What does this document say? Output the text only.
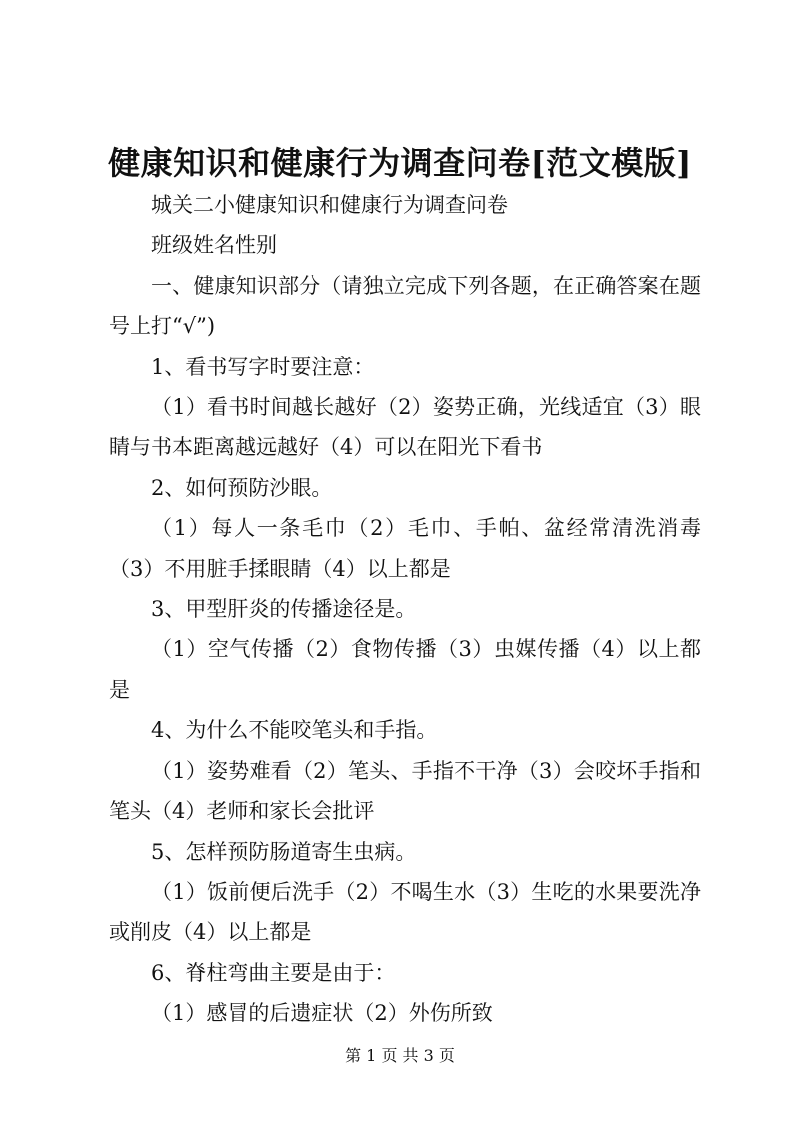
健康知识和健康行为调查问卷[范文模版]

城关二小健康知识和健康行为调查问卷

班级姓名性别

一、健康知识部分（请独立完成下列各题，在正确答案在题号上打“√”)

1、看书写字时要注意：

（1）看书时间越长越好（2）姿势正确，光线适宜（3）眼睛与书本距离越远越好（4）可以在阳光下看书

2、如何预防沙眼。

（1）每人一条毛巾（2）毛巾、手帕、盆经常清洗消毒（3）不用脏手揉眼睛（4）以上都是

3、甲型肝炎的传播途径是。

（1）空气传播（2）食物传播（3）虫媒传播（4）以上都是

4、为什么不能咬笔头和手指。

（1）姿势难看（2）笔头、手指不干净（3）会咬坏手指和笔头（4）老师和家长会批评

5、怎样预防肠道寄生虫病。

（1）饭前便后洗手（2）不喝生水（3）生吃的水果要洗净或削皮（4）以上都是

6、脊柱弯曲主要是由于：

（1）感冒的后遗症状（2）外伤所致

第 1 页 共 3 页
